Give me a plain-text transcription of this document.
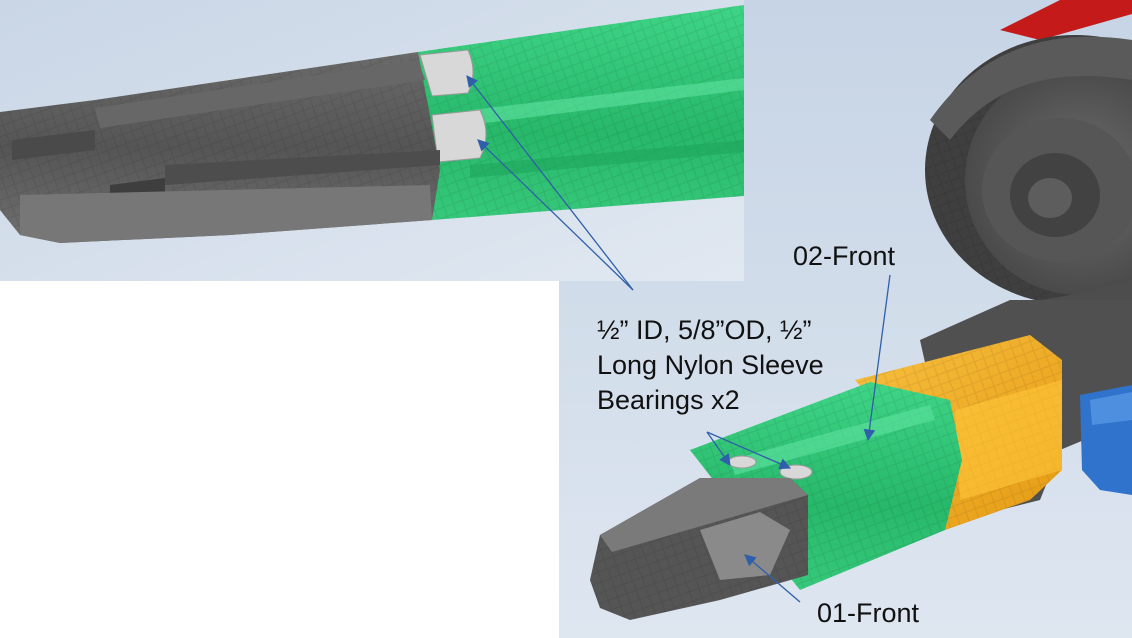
02-Front
½” ID, 5/8”OD, ½”
Long Nylon Sleeve
Bearings x2
01-Front
